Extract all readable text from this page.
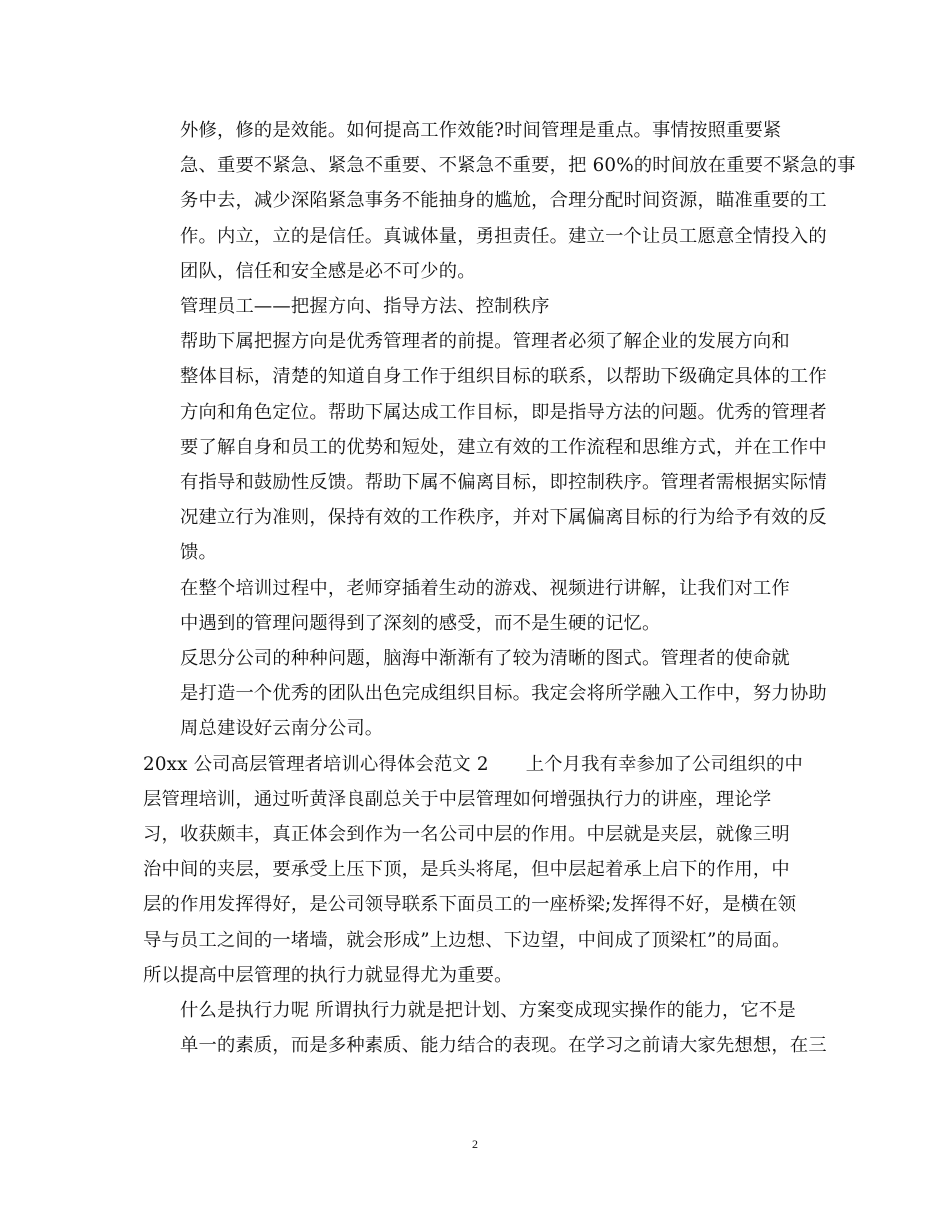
外修，修的是效能。如何提高工作效能?时间管理是重点。事情按照重要紧
急、重要不紧急、紧急不重要、不紧急不重要，把 60%的时间放在重要不紧急的事
务中去，减少深陷紧急事务不能抽身的尴尬，合理分配时间资源，瞄准重要的工
作。内立，立的是信任。真诚体量，勇担责任。建立一个让员工愿意全情投入的
团队，信任和安全感是必不可少的。

管理员工——把握方向、指导方法、控制秩序

帮助下属把握方向是优秀管理者的前提。管理者必须了解企业的发展方向和
整体目标，清楚的知道自身工作于组织目标的联系，以帮助下级确定具体的工作
方向和角色定位。帮助下属达成工作目标，即是指导方法的问题。优秀的管理者
要了解自身和员工的优势和短处，建立有效的工作流程和思维方式，并在工作中
有指导和鼓励性反馈。帮助下属不偏离目标，即控制秩序。管理者需根据实际情
况建立行为准则，保持有效的工作秩序，并对下属偏离目标的行为给予有效的反
馈。

在整个培训过程中，老师穿插着生动的游戏、视频进行讲解，让我们对工作
中遇到的管理问题得到了深刻的感受，而不是生硬的记忆。

反思分公司的种种问题，脑海中渐渐有了较为清晰的图式。管理者的使命就
是打造一个优秀的团队出色完成组织目标。我定会将所学融入工作中，努力协助
周总建设好云南分公司。

20xx 公司高层管理者培训心得体会范文 2　　上个月我有幸参加了公司组织的中
层管理培训，通过听黄泽良副总关于中层管理如何增强执行力的讲座，理论学
习，收获颇丰，真正体会到作为一名公司中层的作用。中层就是夹层，就像三明
治中间的夹层，要承受上压下顶，是兵头将尾，但中层起着承上启下的作用，中
层的作用发挥得好，是公司领导联系下面员工的一座桥梁;发挥得不好，是横在领
导与员工之间的一堵墙，就会形成”上边想、下边望，中间成了顶梁杠”的局面。
所以提高中层管理的执行力就显得尤为重要。

什么是执行力呢 所谓执行力就是把计划、方案变成现实操作的能力，它不是
单一的素质，而是多种素质、能力结合的表现。在学习之前请大家先想想，在三

2
